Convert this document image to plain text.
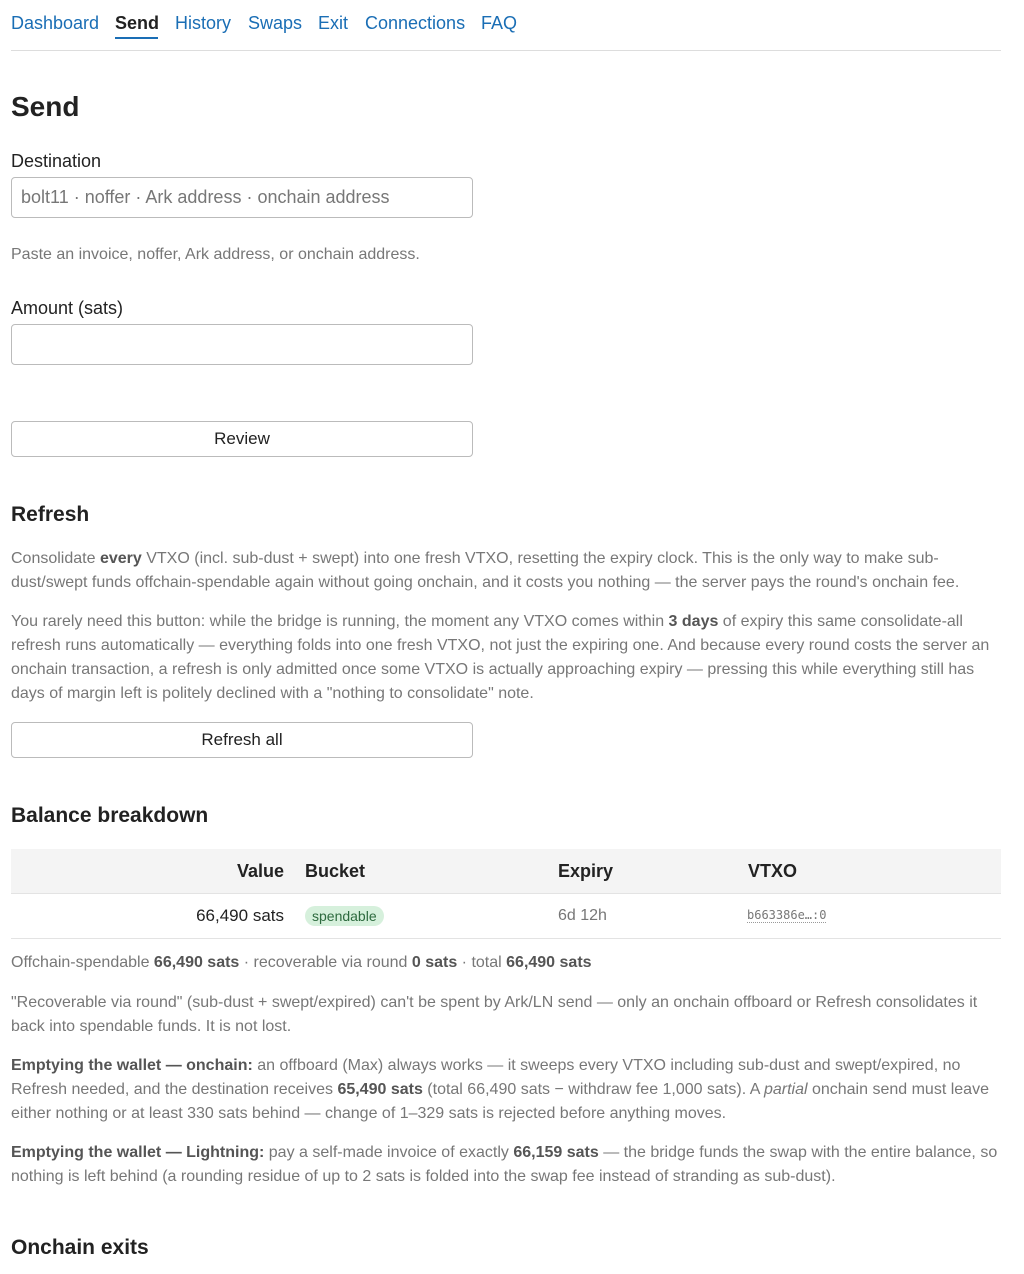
Dashboard Send History Swaps Exit Connections FAQ
Send
Destination
bolt11 · noffer · Ark address · onchain address
Paste an invoice, noffer, Ark address, or onchain address.
Amount (sats)
Review
Refresh

Consolidate every VTXO (incl. sub-dust + swept) into one fresh VTXO, resetting the expiry clock. This is the only way to make sub-dust/swept funds offchain-spendable again without going onchain, and it costs you nothing — the server pays the round's onchain fee.

You rarely need this button: while the bridge is running, the moment any VTXO comes within 3 days of expiry this same consolidate-all refresh runs automatically — everything folds into one fresh VTXO, not just the expiring one. And because every round costs the server an onchain transaction, a refresh is only admitted once some VTXO is actually approaching expiry — pressing this while everything still has days of margin left is politely declined with a "nothing to consolidate" note.

Refresh all
Balance breakdown
Value Bucket	Expiry	VTXO
66,490 sats	spendable	6d 12h	b663386e…:0

Offchain-spendable 66,490 sats · recoverable via round 0 sats · total 66,490 sats

"Recoverable via round" (sub-dust + swept/expired) can't be spent by Ark/LN send — only an onchain offboard or Refresh consolidates it back into spendable funds. It is not lost.

Emptying the wallet — onchain: an offboard (Max) always works — it sweeps every VTXO including sub-dust and swept/expired, no Refresh needed, and the destination receives 65,490 sats (total 66,490 sats − withdraw fee 1,000 sats). A partial onchain send must leave either nothing or at least 330 sats behind — change of 1–329 sats is rejected before anything moves.

Emptying the wallet — Lightning: pay a self-made invoice of exactly 66,159 sats — the bridge funds the swap with the entire balance, so nothing is left behind (a rounding residue of up to 2 sats is folded into the swap fee instead of stranding as sub-dust).

Onchain exits
